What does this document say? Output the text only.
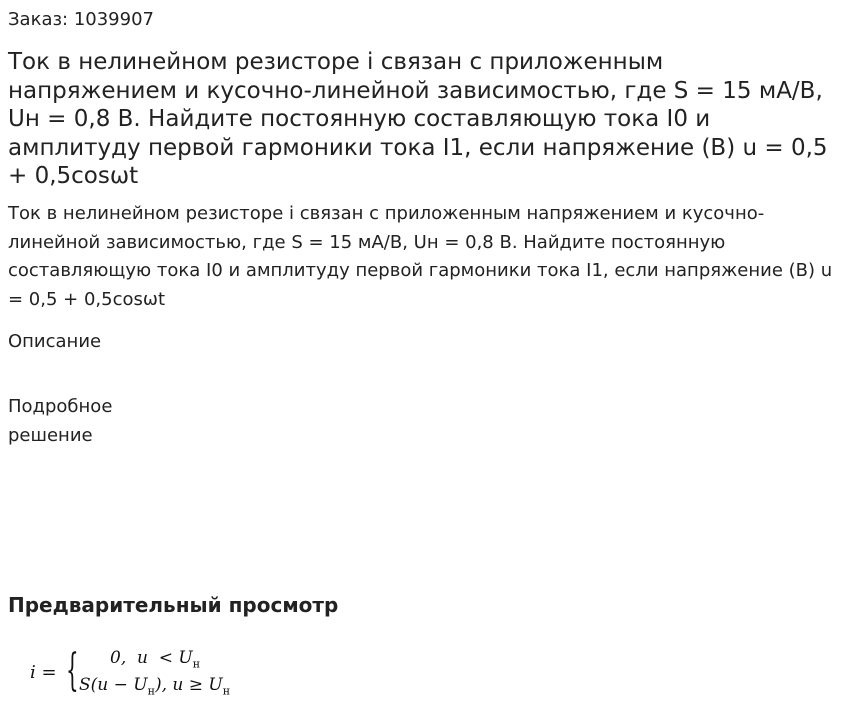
Заказ: 1039907
Ток в нелинейном резисторе i связан с приложенным напряжением и кусочно-линейной зависимостью, где S = 15 мА/В, Uн = 0,8 В. Найдите постоянную составляющую тока I0 и амплитуду первой гармоники тока I1, если напряжение (В) u = 0,5 + 0,5cosωt

Ток в нелинейном резисторе i связан с приложенным напряжением и кусочно-линейной зависимостью, где S = 15 мА/В, Uн = 0,8 В. Найдите постоянную составляющую тока I0 и амплитуду первой гармоники тока I1, если напряжение (В) u = 0,5 + 0,5cosωt

Описание
Подробное решение
Предварительный просмотр
i = { 0,  $u < U_н$
$S(u - U_н)$, $u \ge U_н$
